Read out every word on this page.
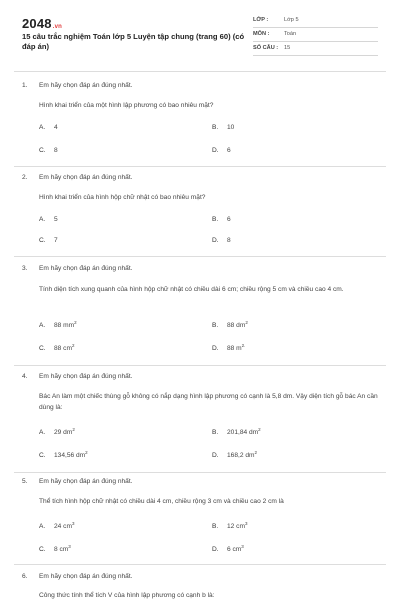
2048.vn
15 câu trắc nghiệm Toán lớp 5 Luyện tập chung (trang 60) (có đáp án)
LỚP :	Lớp 5
MÔN :	Toán
SỐ CÂU : 15
1. Em hãy chọn đáp án đúng nhất.
Hình khai triển của một hình lập phương có bao nhiêu mặt?
A. 4	B. 10
C. 8	D. 6
2. Em hãy chọn đáp án đúng nhất.
Hình khai triển của hình hộp chữ nhật có bao nhiêu mặt?
A. 5	B. 6
C. 7	D. 8
3. Em hãy chọn đáp án đúng nhất.
Tính diện tích xung quanh của hình hộp chữ nhật có chiều dài 6 cm; chiều rộng 5 cm và chiều cao 4 cm.
A. 88 $mm^2$	B. 88 $dm^2$
C. 88 $cm^2$	D. 88 $m^{2.}$
4. Em hãy chọn đáp án đúng nhất.
Bác An làm một chiếc thùng gỗ không có nắp dạng hình lập phương có cạnh là 5,8 dm. Vậy diện tích gỗ bác An cần dùng là:
A. 29 $dm^2$	B. 201,84 $dm^2$
C. 134,56 $dm^2$	D. 168,2 $dm^2$
5. Em hãy chọn đáp án đúng nhất.
Thể tích hình hộp chữ nhật có chiều dài 4 cm, chiều rộng 3 cm và chiều cao 2 cm là
A. 24 $cm^3$	B. 12 $cm^3$
C. 8 $cm^3$	D. 6 $cm^3$
6. Em hãy chọn đáp án đúng nhất.
Công thức tính thể tích V của hình lập phương có cạnh b là:
